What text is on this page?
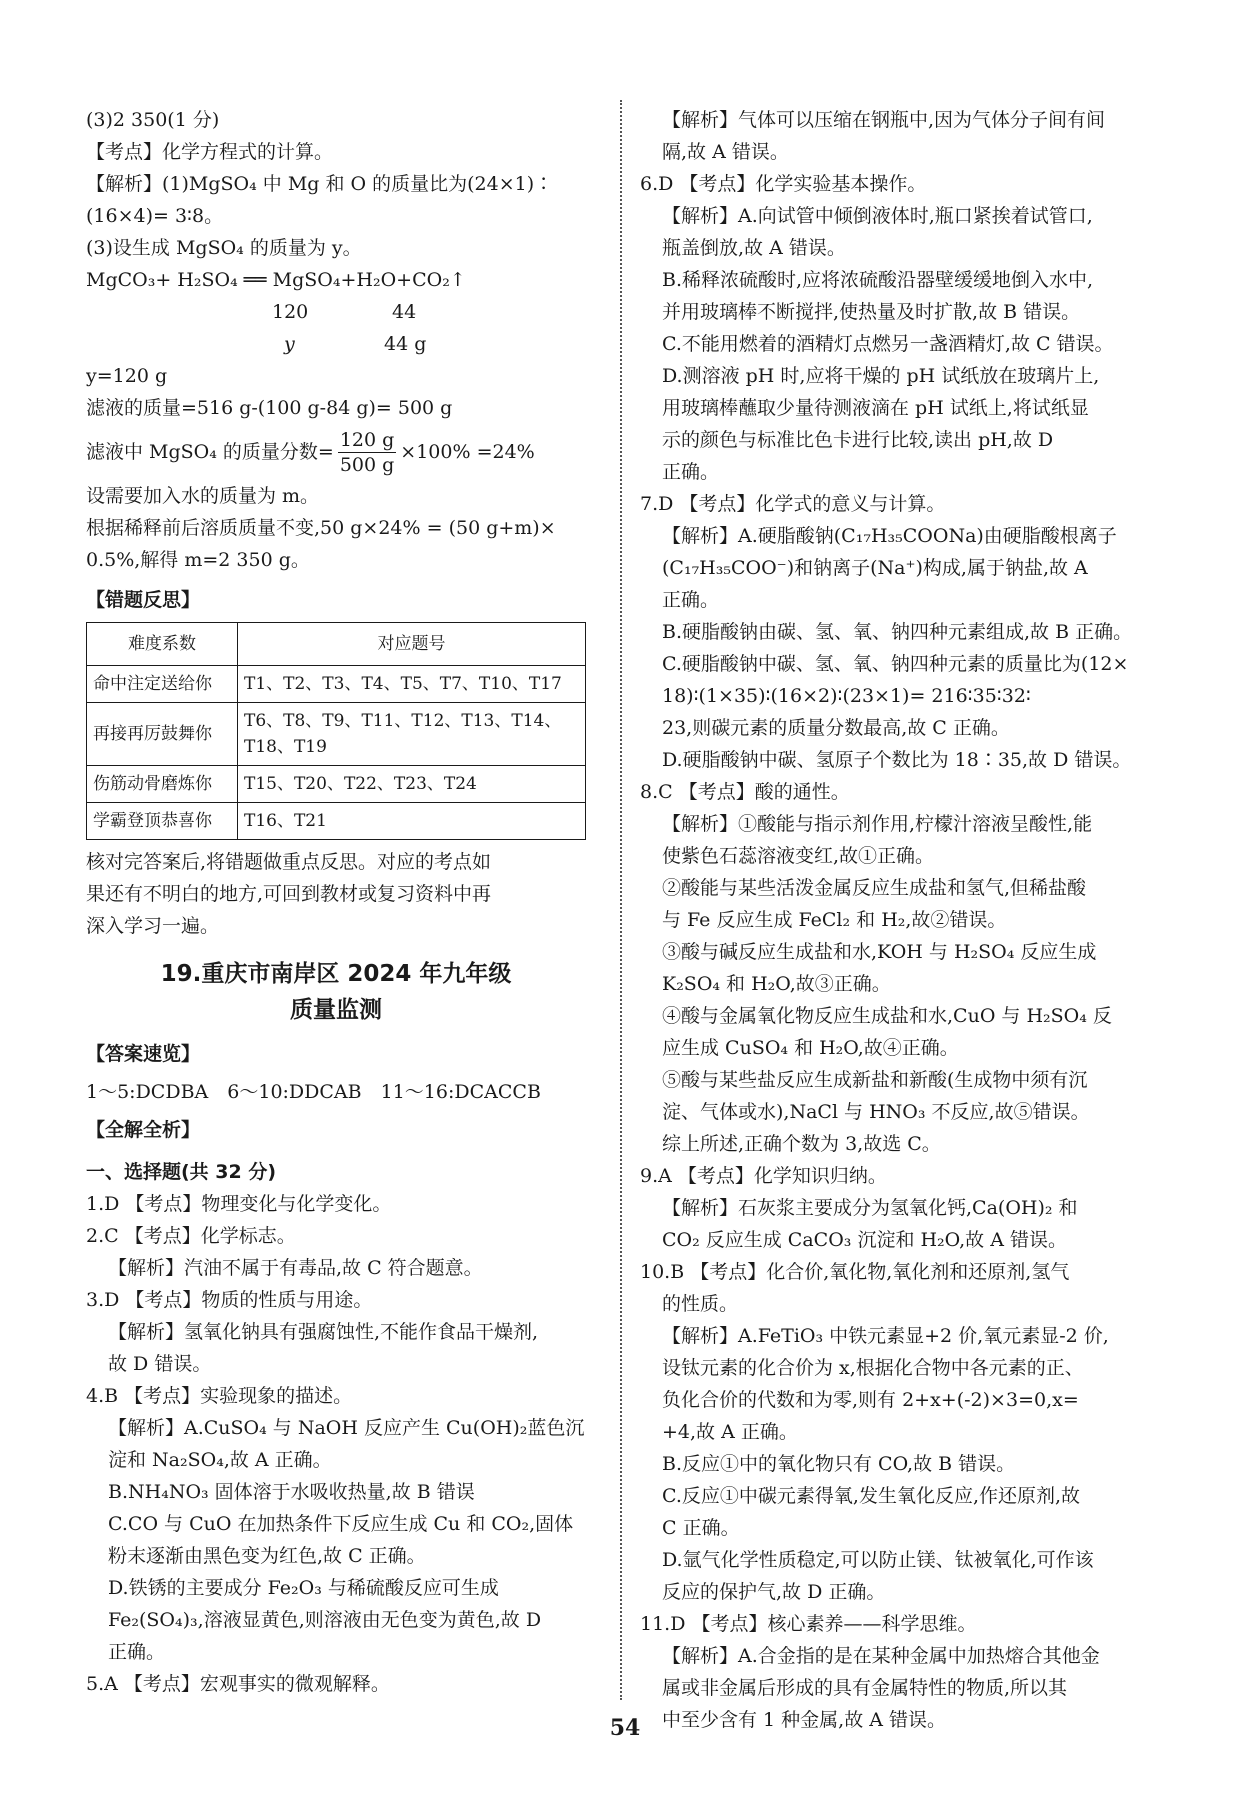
(3)2 350(1 分)
【考点】化学方程式的计算。
【解析】(1)MgSO₄ 中 Mg 和 O 的质量比为(24×1)∶
(16×4)= 3∶8。
(3)设生成 MgSO₄ 的质量为 y。
MgCO₃+ H₂SO₄ ══ MgSO₄+H₂O+CO₂↑
120	44
y	44 g
y=120 g
滤液的质量=516 g-(100 g-84 g)= 500 g
滤液中 MgSO₄ 的质量分数= $\frac{120 g}{500 g} \times 100\% =24\%$
设需要加入水的质量为 m。
根据稀释前后溶质质量不变,50 g×24% = (50 g+m)×
0.5%,解得 m=2 350 g。
【错题反思】
难度系数	对应题号
命中注定送给你	T1、T2、T3、T4、T5、T7、T10、T17
再接再厉鼓舞你	T6、T8、T9、T11、T12、T13、T14、T18、T19
伤筋动骨磨炼你	T15、T20、T22、T23、T24
学霸登顶恭喜你	T16、T21
核对完答案后,将错题做重点反思。对应的考点如
果还有不明白的地方,可回到教材或复习资料中再
深入学习一遍。
19.重庆市南岸区 2024 年九年级
质量监测
【答案速览】
1～5:DCDBA　6～10:DDCAB　11～16:DCACCB
【全解全析】
一、选择题(共 32 分)
1.D 【考点】物理变化与化学变化。
2.C 【考点】化学标志。
【解析】汽油不属于有毒品,故 C 符合题意。
3.D 【考点】物质的性质与用途。
【解析】氢氧化钠具有强腐蚀性,不能作食品干燥剂,
故 D 错误。
4.B 【考点】实验现象的描述。
【解析】A.CuSO₄ 与 NaOH 反应产生 Cu(OH)₂蓝色沉
淀和 Na₂SO₄,故 A 正确。
B.NH₄NO₃ 固体溶于水吸收热量,故 B 错误
C.CO 与 CuO 在加热条件下反应生成 Cu 和 CO₂,固体
粉末逐渐由黑色变为红色,故 C 正确。
D.铁锈的主要成分 Fe₂O₃ 与稀硫酸反应可生成
Fe₂(SO₄)₃,溶液显黄色,则溶液由无色变为黄色,故 D
正确。
5.A 【考点】宏观事实的微观解释。
【解析】气体可以压缩在钢瓶中,因为气体分子间有间
隔,故 A 错误。
6.D 【考点】化学实验基本操作。
【解析】A.向试管中倾倒液体时,瓶口紧挨着试管口,
瓶盖倒放,故 A 错误。
B.稀释浓硫酸时,应将浓硫酸沿器壁缓缓地倒入水中,
并用玻璃棒不断搅拌,使热量及时扩散,故 B 错误。
C.不能用燃着的酒精灯点燃另一盏酒精灯,故 C 错误。
D.测溶液 pH 时,应将干燥的 pH 试纸放在玻璃片上,
用玻璃棒蘸取少量待测液滴在 pH 试纸上,将试纸显
示的颜色与标准比色卡进行比较,读出 pH,故 D
正确。
7.D 【考点】化学式的意义与计算。
【解析】A.硬脂酸钠(C₁₇H₃₅COONa)由硬脂酸根离子
(C₁₇H₃₅COO⁻)和钠离子(Na⁺)构成,属于钠盐,故 A
正确。
B.硬脂酸钠由碳、氢、氧、钠四种元素组成,故 B 正确。
C.硬脂酸钠中碳、氢、氧、钠四种元素的质量比为(12×
18)∶(1×35)∶(16×2)∶(23×1)= 216∶35∶32∶
23,则碳元素的质量分数最高,故 C 正确。
D.硬脂酸钠中碳、氢原子个数比为 18∶35,故 D 错误。
8.C 【考点】酸的通性。
【解析】①酸能与指示剂作用,柠檬汁溶液呈酸性,能
使紫色石蕊溶液变红,故①正确。
②酸能与某些活泼金属反应生成盐和氢气,但稀盐酸
与 Fe 反应生成 FeCl₂ 和 H₂,故②错误。
③酸与碱反应生成盐和水,KOH 与 H₂SO₄ 反应生成
K₂SO₄ 和 H₂O,故③正确。
④酸与金属氧化物反应生成盐和水,CuO 与 H₂SO₄ 反
应生成 CuSO₄ 和 H₂O,故④正确。
⑤酸与某些盐反应生成新盐和新酸(生成物中须有沉
淀、气体或水),NaCl 与 HNO₃ 不反应,故⑤错误。
综上所述,正确个数为 3,故选 C。
9.A 【考点】化学知识归纳。
【解析】石灰浆主要成分为氢氧化钙,Ca(OH)₂ 和
CO₂ 反应生成 CaCO₃ 沉淀和 H₂O,故 A 错误。
10.B 【考点】化合价,氧化物,氧化剂和还原剂,氢气
的性质。
【解析】A.FeTiO₃ 中铁元素显+2 价,氧元素显-2 价,
设钛元素的化合价为 x,根据化合物中各元素的正、
负化合价的代数和为零,则有 2+x+(-2)×3=0,x=
+4,故 A 正确。
B.反应①中的氧化物只有 CO,故 B 错误。
C.反应①中碳元素得氧,发生氧化反应,作还原剂,故
C 正确。
D.氩气化学性质稳定,可以防止镁、钛被氧化,可作该
反应的保护气,故 D 正确。
11.D 【考点】核心素养——科学思维。
【解析】A.合金指的是在某种金属中加热熔合其他金
属或非金属后形成的具有金属特性的物质,所以其
中至少含有 1 种金属,故 A 错误。
54
